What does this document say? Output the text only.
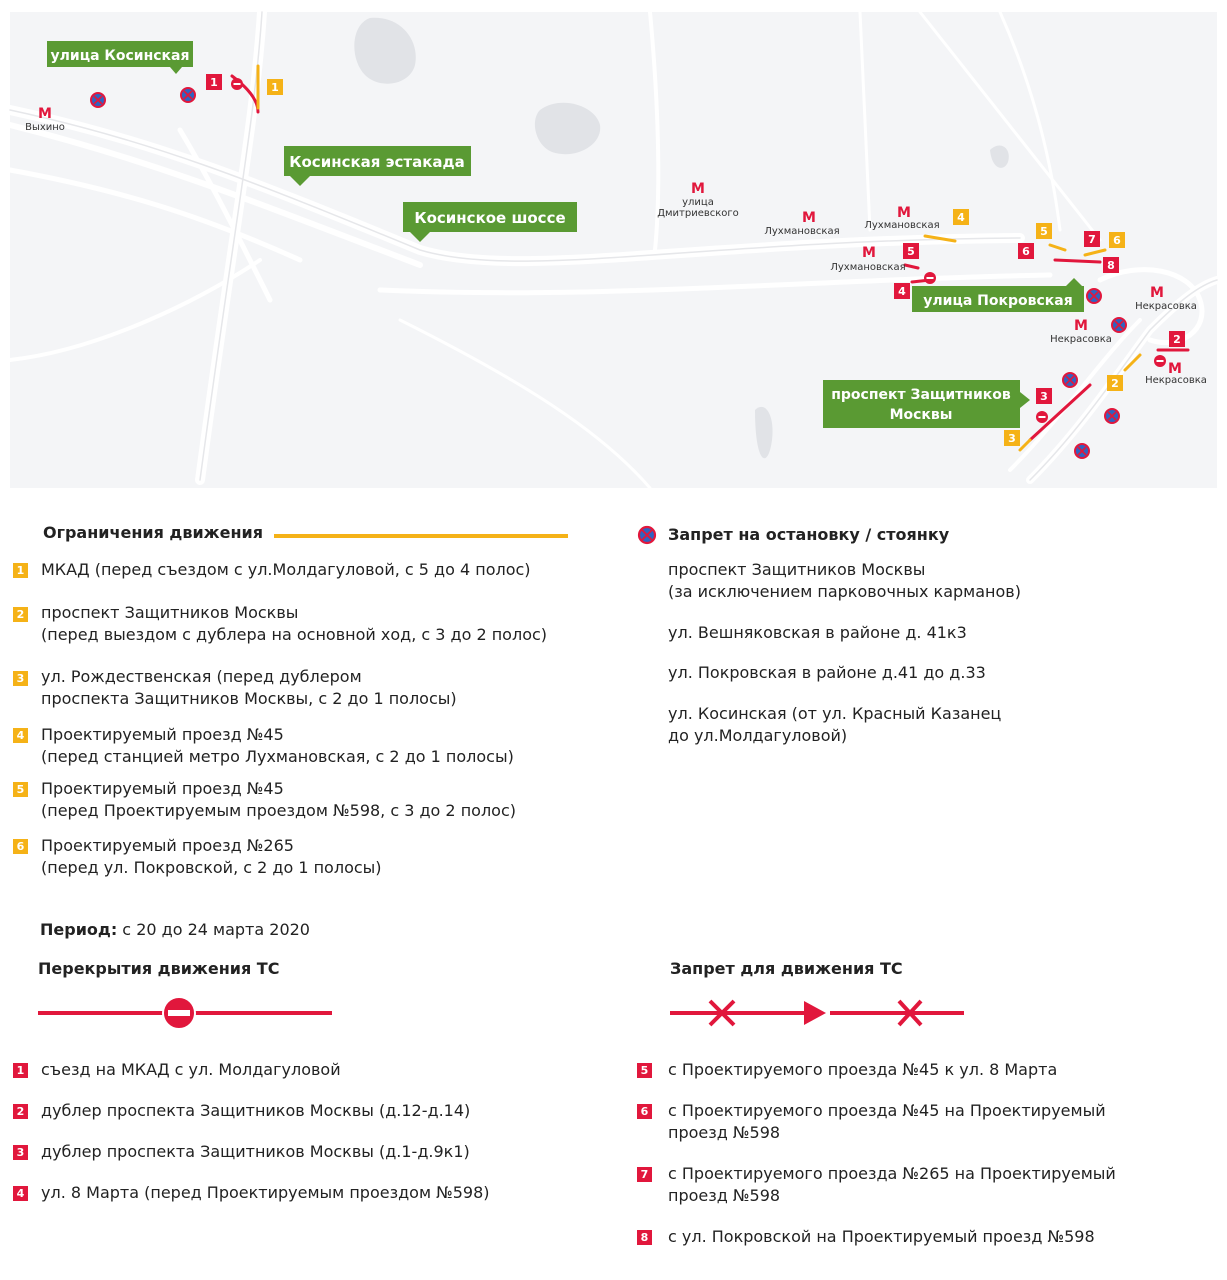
M
M
M	M
M
M
M
M
Выхино
улица
Дмитриевского
Лухмановская
Лухмановская
Лухмановская
Некрасовка
Некрасовка
Некрасовка
улица Косинская
Косинская эстакада
Косинское шоссе
улица Покровская
проспект Защитников
Москвы
1
2
3
4
5
6
1
2
3
4
5	6
7
8
Ограничения движения
1 МКАД (перед съездом с ул.Молдагуловой, с 5 до 4 полос)
2 проспект Защитников Москвы
(перед выездом с дублера на основной ход, с 3 до 2 полос)
3 ул. Рождественская (перед дублером
проспекта Защитников Москвы, с 2 до 1 полосы)
4 Проектируемый проезд №45
(перед станцией метро Лухмановская, с 2 до 1 полосы)
5 Проектируемый проезд №45
(перед Проектируемым проездом №598, с 3 до 2 полос)
6 Проектируемый проезд №265
(перед ул. Покровской, с 2 до 1 полосы)
Период: с 20 до 24 марта 2020
Запрет на остановку / стоянку
проспект Защитников Москвы
(за исключением парковочных карманов)
ул. Вешняковская в районе д. 41к3
ул. Покровская в районе д.41 до д.33
ул. Косинская (от ул. Красный Казанец
до ул.Молдагуловой)
Перекрытия движения ТС
1 съезд на МКАД с ул. Молдагуловой
2 дублер проспекта Защитников Москвы (д.12-д.14)
3 дублер проспекта Защитников Москвы (д.1-д.9к1)
4 ул. 8 Марта (перед Проектируемым проездом №598)
Запрет для движения ТС
5 с Проектируемого проезда №45 к ул. 8 Марта
6 с Проектируемого проезда №45 на Проектируемый
проезд №598
7 с Проектируемого проезда №265 на Проектируемый
проезд №598
8 с ул. Покровской на Проектируемый проезд №598
